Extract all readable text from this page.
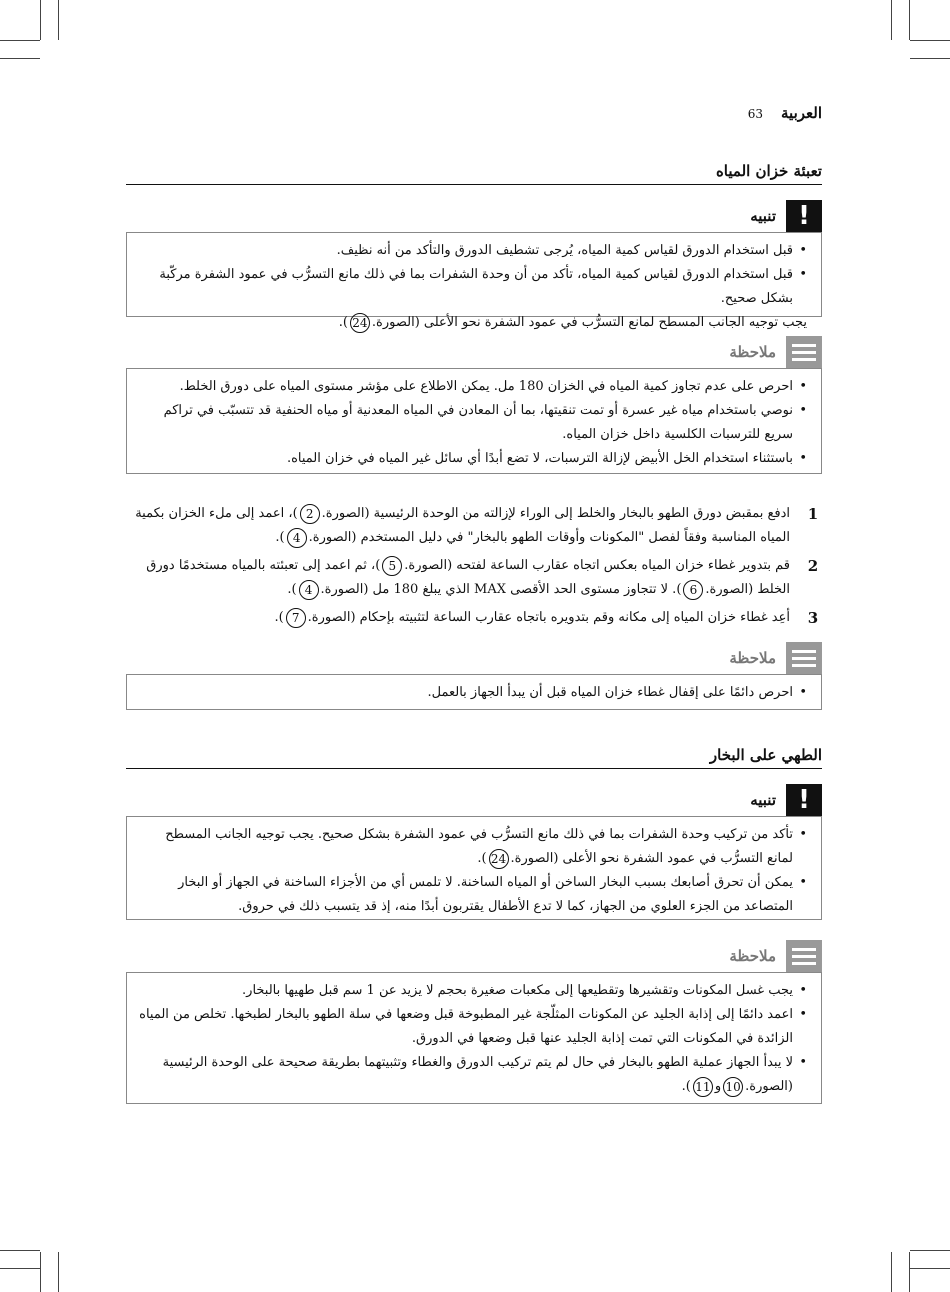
العربية
63
تعبئة خزان المياه
!
تنبيه
• قبل استخدام الدورق لقياس كمية المياه، يُرجى تشطيف الدورق والتأكد من أنه نظيف.
• قبل استخدام الدورق لقياس كمية المياه، تأكد من أن وحدة الشفرات بما في ذلك مانع التسرُّب في عمود الشفرة مركّبة بشكل صحيح.
يجب توجيه الجانب المسطح لمانع التسرُّب في عمود الشفرة نحو الأعلى (الصورة.24).
ملاحظة
• احرص على عدم تجاوز كمية المياه في الخزان 180 مل. يمكن الاطلاع على مؤشر مستوى المياه على دورق الخلط.
• نوصي باستخدام مياه غير عسرة أو تمت تنقيتها، بما أن المعادن في المياه المعدنية أو مياه الحنفية قد تتسبّب في تراكم سريع للترسبات الكلسية داخل خزان المياه.
• باستثناء استخدام الخل الأبيض لإزالة الترسبات، لا تضع أبدًا أي سائل غير المياه في خزان المياه.
1
ادفع بمقبض دورق الطهو بالبخار والخلط إلى الوراء لإزالته من الوحدة الرئيسية (الصورة.2)، اعمد إلى ملء الخزان بكمية المياه المناسبة وفقاً لفصل "المكونات وأوقات الطهو بالبخار" في دليل المستخدم (الصورة.4).
2
قم بتدوير غطاء خزان المياه بعكس اتجاه عقارب الساعة لفتحه (الصورة.5)، ثم اعمد إلى تعبئته بالمياه مستخدمًا دورق الخلط (الصورة.6). لا تتجاوز مستوى الحد الأقصى MAX الذي يبلغ 180 مل (الصورة.4).
3
أعِد غطاء خزان المياه إلى مكانه وقم بتدويره باتجاه عقارب الساعة لتثبيته بإحكام (الصورة.7).
ملاحظة
• احرص دائمًا على إقفال غطاء خزان المياه قبل أن يبدأ الجهاز بالعمل.
الطهي على البخار
!
تنبيه
• تأكد من تركيب وحدة الشفرات بما في ذلك مانع التسرُّب في عمود الشفرة بشكل صحيح. يجب توجيه الجانب المسطح لمانع التسرُّب في عمود الشفرة نحو الأعلى (الصورة.24).
• يمكن أن تحرق أصابعك بسبب البخار الساخن أو المياه الساخنة. لا تلمس أي من الأجزاء الساخنة في الجهاز أو البخار المتصاعد من الجزء العلوي من الجهاز، كما لا تدع الأطفال يقتربون أبدًا منه، إذ قد يتسبب ذلك في حروق.
ملاحظة
• يجب غسل المكونات وتقشيرها وتقطيعها إلى مكعبات صغيرة بحجم لا يزيد عن 1 سم قبل طهيها بالبخار.
• اعمد دائمًا إلى إذابة الجليد عن المكونات المثلّجة غير المطبوخة قبل وضعها في سلة الطهو بالبخار لطبخها. تخلص من المياه الزائدة في المكونات التي تمت إذابة الجليد عنها قبل وضعها في الدورق.
• لا يبدأ الجهاز عملية الطهو بالبخار في حال لم يتم تركيب الدورق والغطاء وتثبيتهما بطريقة صحيحة على الوحدة الرئيسية (الصورة.10و11).
